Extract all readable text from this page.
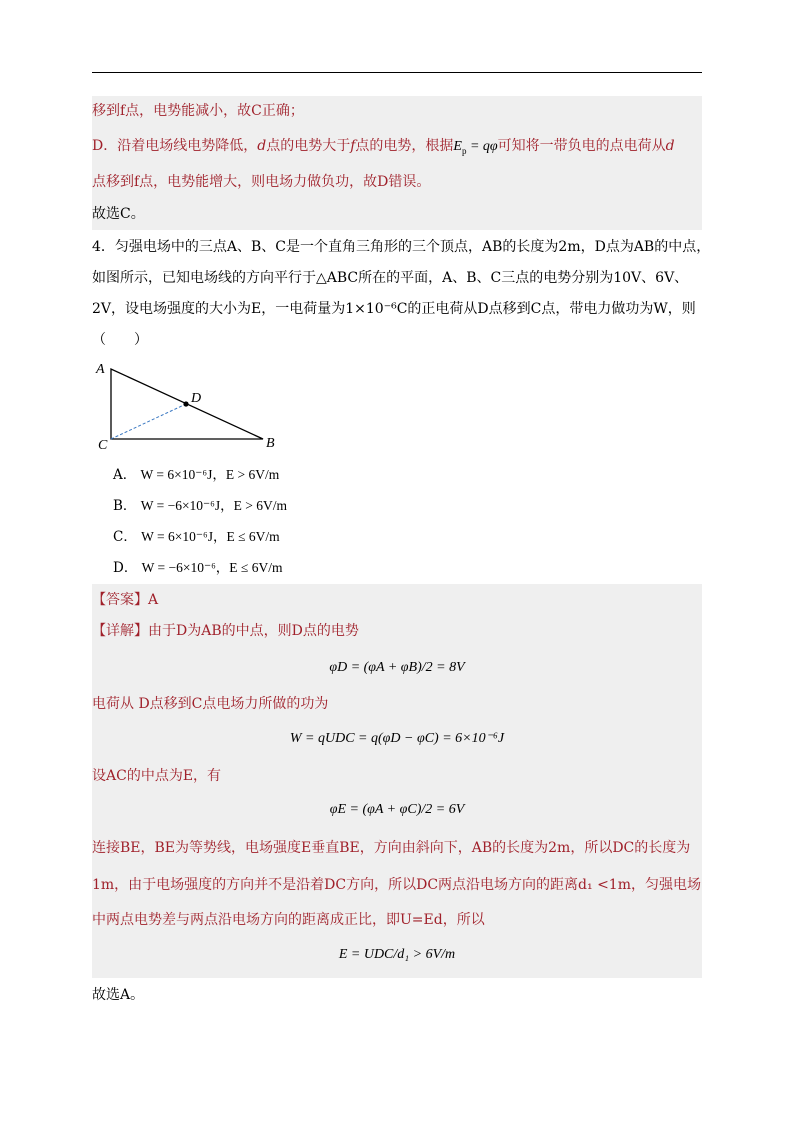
移到f点，电势能减小，故C正确；
D．沿着电场线电势降低，d点的电势大于f点的电势，根据$E_p = q\varphi$可知将一带负电的点电荷从d
点移到f点，电势能增大，则电场力做负功，故D错误。
故选C。
4．匀强电场中的三点A、B、C是一个直角三角形的三个顶点，AB的长度为2m，D点为AB的中点，
如图所示，已知电场线的方向平行于△ABC所在的平面，A、B、C三点的电势分别为10V、6V、
2V，设电场强度的大小为E，一电荷量为1×10⁻⁶C的正电荷从D点移到C点，带电力做功为W，则
（　　）
A
C	B
D
A． W = 6×10⁻⁶J，E > 6V/m
B． W = −6×10⁻⁶J，E > 6V/m
C． W = 6×10⁻⁶J，E ≤ 6V/m
D． W = −6×10⁻⁶，E ≤ 6V/m
【答案】A
【详解】由于D为AB的中点，则D点的电势
φD = (φA + φB)/2 = 8V
电荷从 D点移到C点电场力所做的功为
W = qUDC = q(φD − φC) = 6×10⁻⁶J
设AC的中点为E，有
φE = (φA + φC)/2 = 6V
连接BE，BE为等势线，电场强度E垂直BE，方向由斜向下，AB的长度为2m，所以DC的长度为
1m，由于电场强度的方向并不是沿着DC方向，所以DC两点沿电场方向的距离d₁ <1m，匀强电场
中两点电势差与两点沿电场方向的距离成正比，即U=Ed，所以
E = UDC/d₁ > 6V/m
故选A。
